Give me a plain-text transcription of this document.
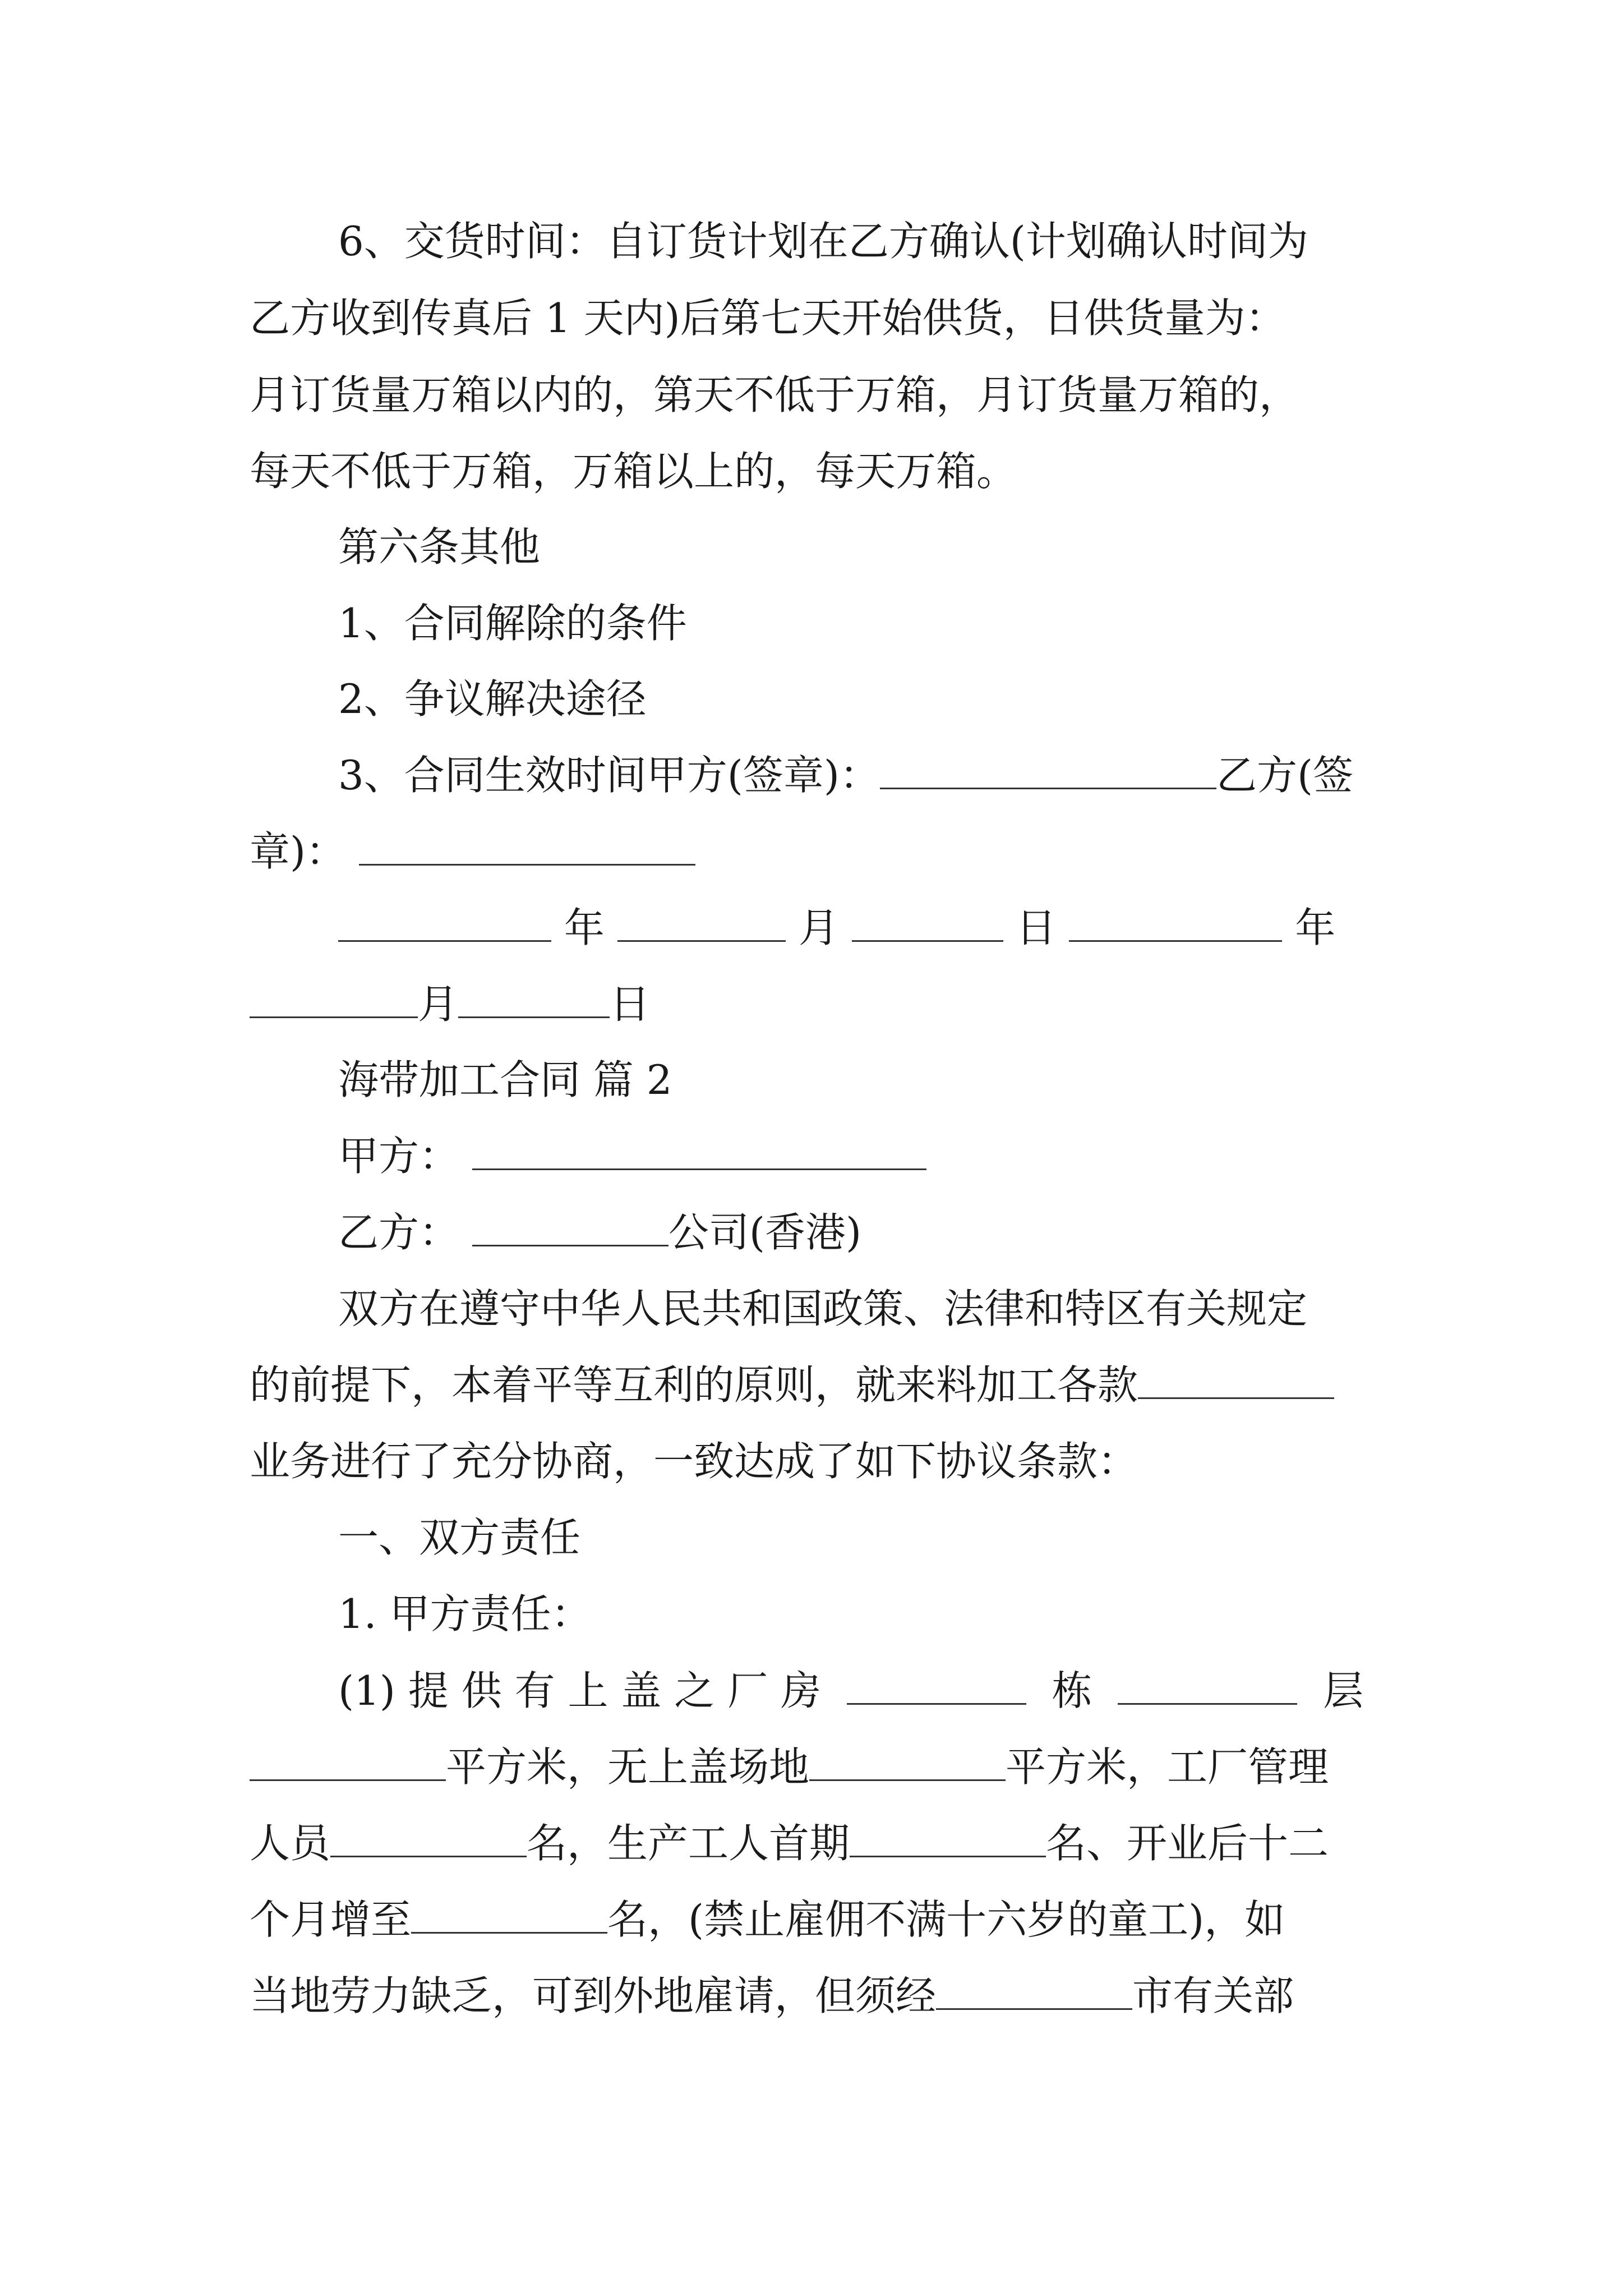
6、交货时间：自订货计划在乙方确认(计划确认时间为
乙方收到传真后 1 天内)后第七天开始供货，日供货量为：
月订货量万箱以内的，第天不低于万箱，月订货量万箱的，
每天不低于万箱，万箱以上的，每天万箱。
第六条其他
1、合同解除的条件
2、争议解决途径
3、合同生效时间甲方(签章)：	乙方(签
章)：
年	月	日	年
月	日
海带加工合同 篇 2
甲方：
乙方：	公司(香港)
双方在遵守中华人民共和国政策、法律和特区有关规定
的前提下，本着平等互利的原则，就来料加工各款
业务进行了充分协商，一致达成了如下协议条款：
一、双方责任
1. 甲方责任：
(1) 提 供 有 上 盖 之 厂 房	栋	层
平方米，无上盖场地	平方米，工厂管理
人员	名，生产工人首期	名、开业后十二
个月增至	名，(禁止雇佣不满十六岁的童工)，如
当地劳力缺乏，可到外地雇请，但须经	市有关部
